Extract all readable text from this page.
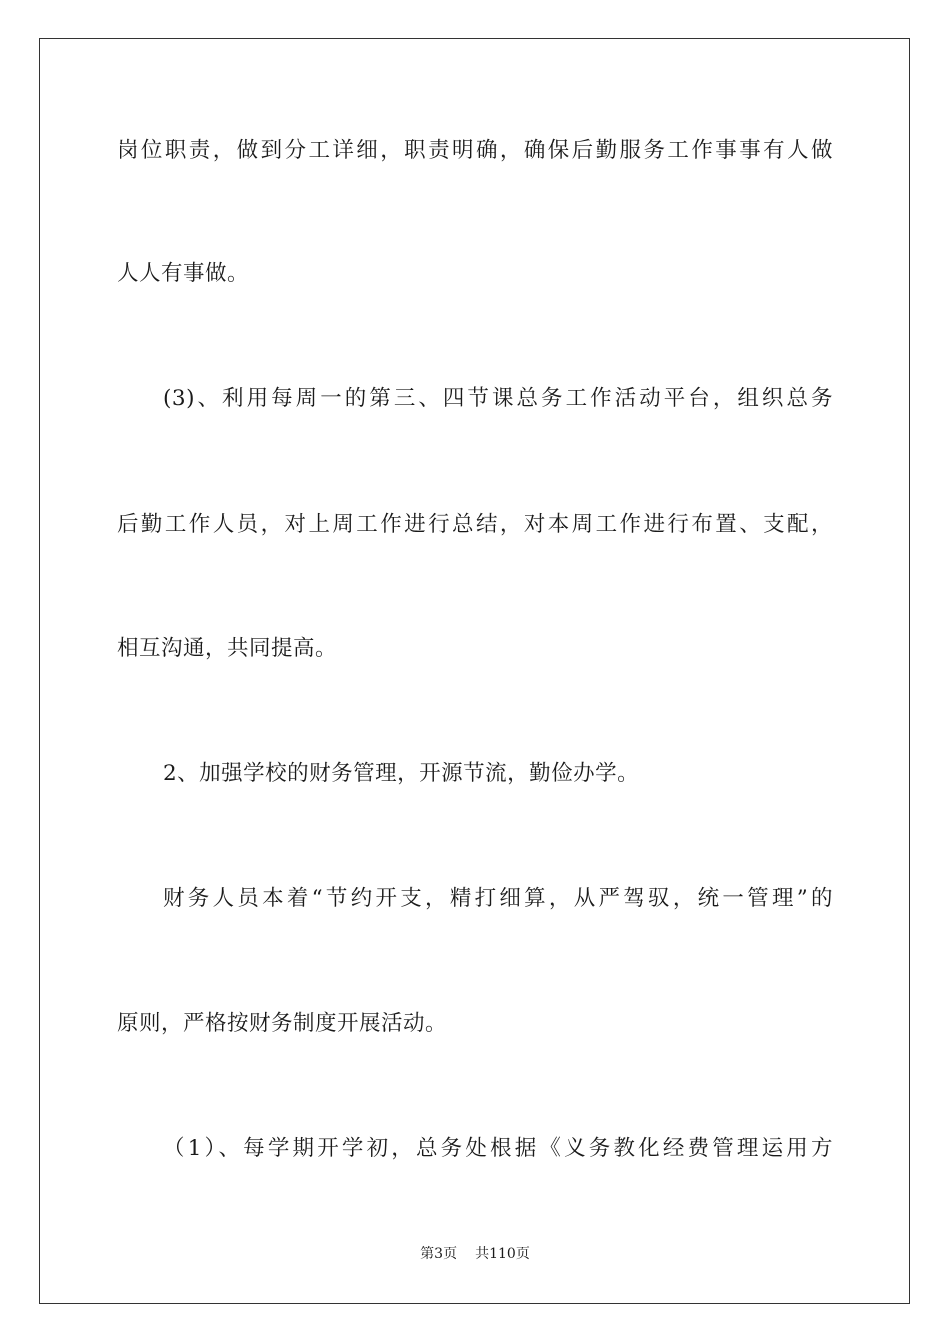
岗位职责，做到分工详细，职责明确，确保后勤服务工作事事有人做
人人有事做。
(3)、利用每周一的第三、四节课总务工作活动平台，组织总务
后勤工作人员，对上周工作进行总结，对本周工作进行布置、支配，
相互沟通，共同提高。
2、加强学校的财务管理，开源节流，勤俭办学。
财务人员本着“节约开支，精打细算，从严驾驭，统一管理”的
原则，严格按财务制度开展活动。
（1）、每学期开学初，总务处根据《义务教化经费管理运用方
第3页 共110页
